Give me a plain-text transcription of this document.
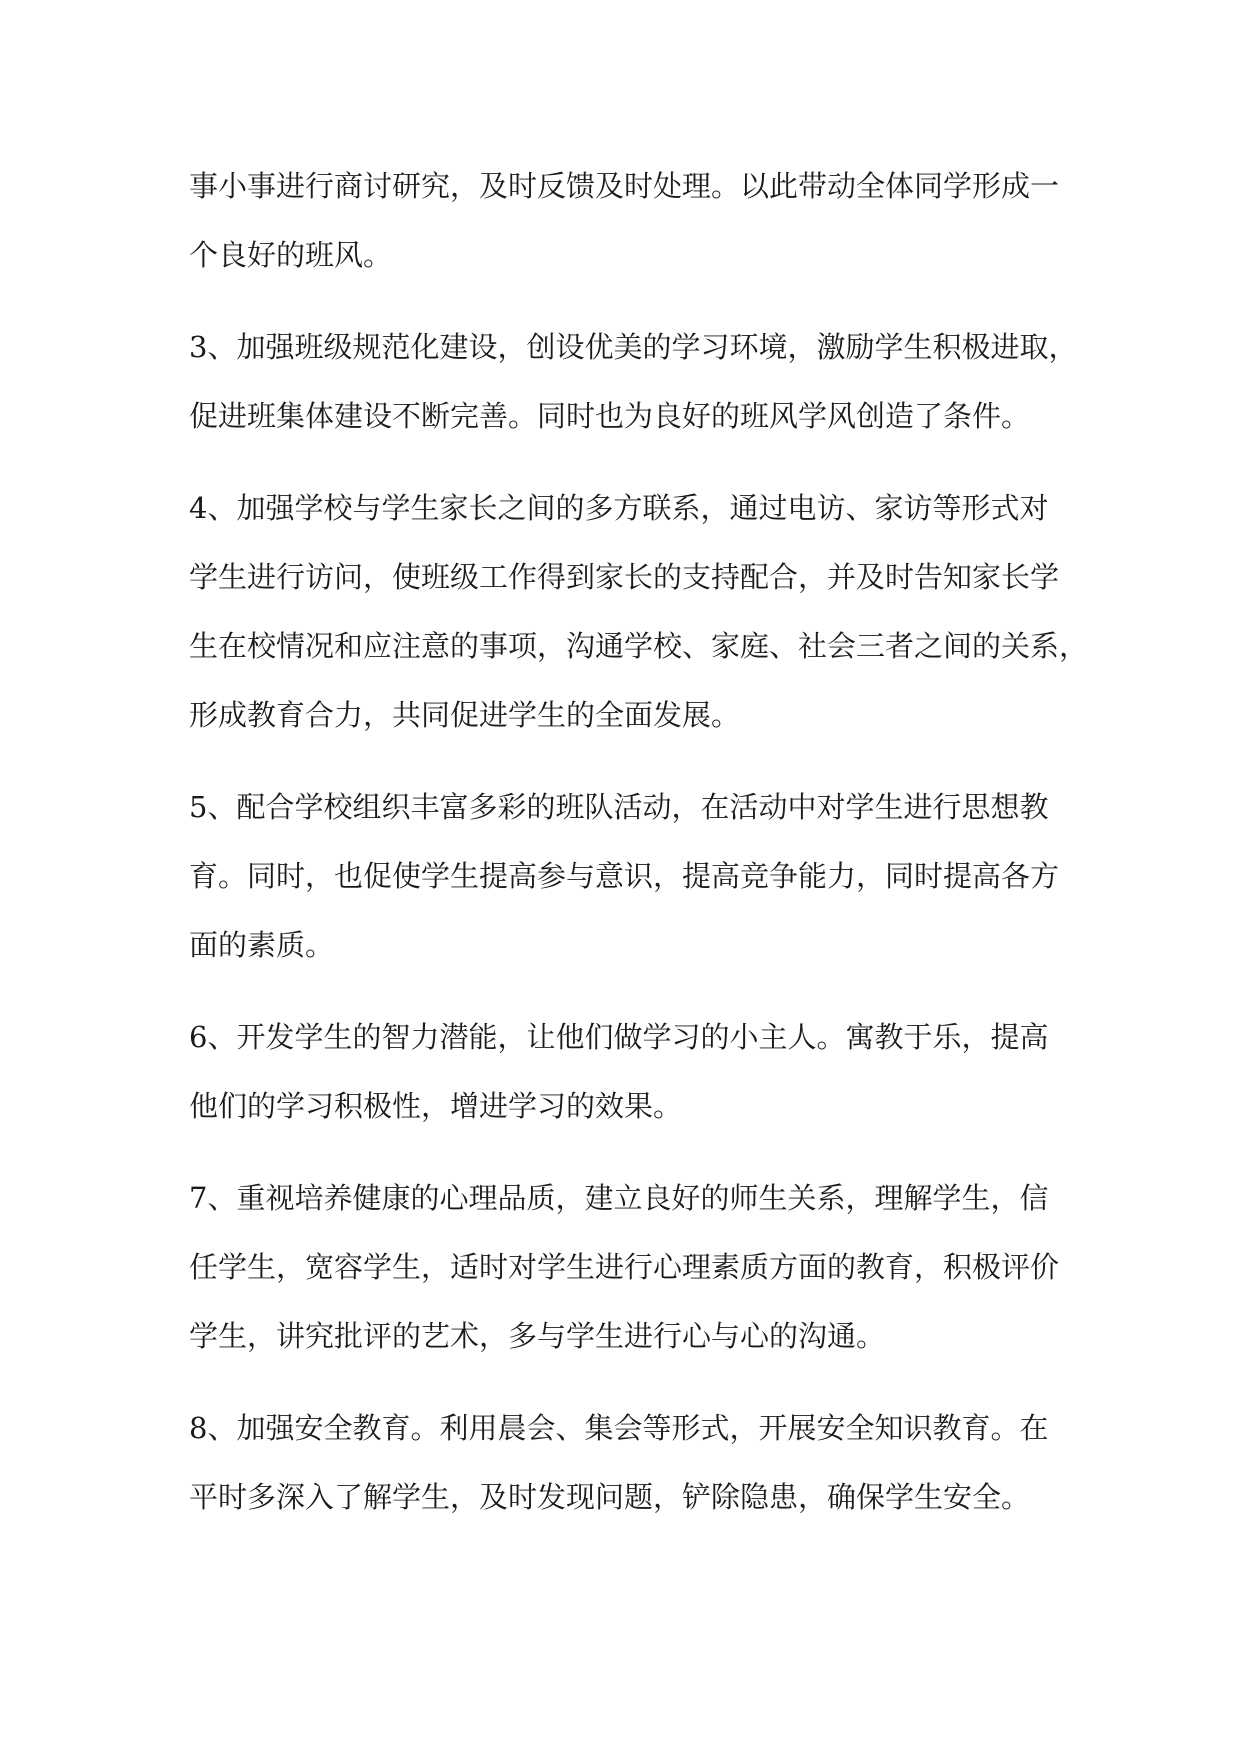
事小事进行商讨研究，及时反馈及时处理。以此带动全体同学形成一
个良好的班风。

3、加强班级规范化建设，创设优美的学习环境，激励学生积极进取，
促进班集体建设不断完善。同时也为良好的班风学风创造了条件。

4、加强学校与学生家长之间的多方联系，通过电访、家访等形式对
学生进行访问，使班级工作得到家长的支持配合，并及时告知家长学
生在校情况和应注意的事项，沟通学校、家庭、社会三者之间的关系，
形成教育合力，共同促进学生的全面发展。

5、配合学校组织丰富多彩的班队活动，在活动中对学生进行思想教
育。同时，也促使学生提高参与意识，提高竞争能力，同时提高各方
面的素质。

6、开发学生的智力潜能，让他们做学习的小主人。寓教于乐，提高
他们的学习积极性，增进学习的效果。

7、重视培养健康的心理品质，建立良好的师生关系，理解学生，信
任学生，宽容学生，适时对学生进行心理素质方面的教育，积极评价
学生，讲究批评的艺术，多与学生进行心与心的沟通。

8、加强安全教育。利用晨会、集会等形式，开展安全知识教育。在
平时多深入了解学生，及时发现问题，铲除隐患，确保学生安全。
